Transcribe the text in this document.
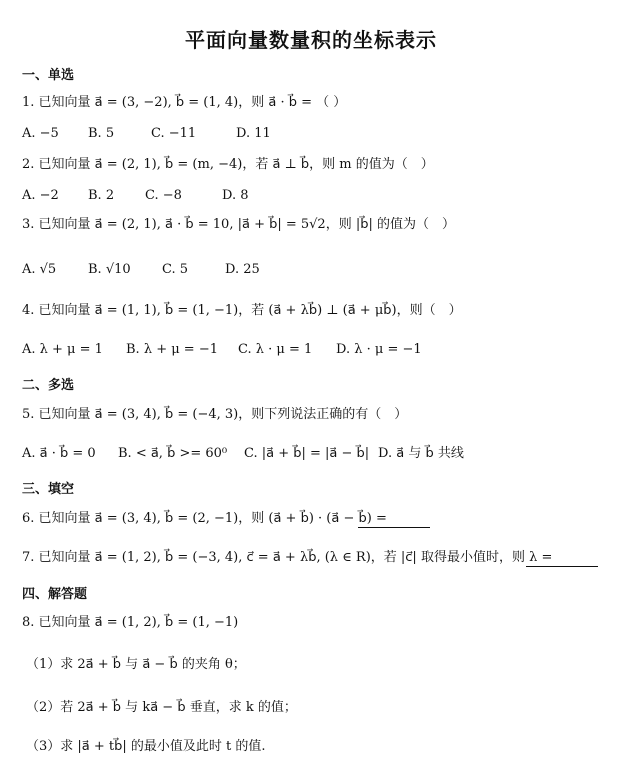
平面向量数量积的坐标表示
一、单选
1. 已知向量 a⃗ = (3, −2), b⃗ = (1, 4)，则 a⃗ · b⃗ = （ ）
A. −5 B. 5	C. −11	D. 11
2. 已知向量 a⃗ = (2, 1), b⃗ = (m, −4)，若 a⃗ ⊥ b⃗，则 m 的值为（　）
A. −2 B. 2 C. −8	D. 8
3. 已知向量 a⃗ = (2, 1), a⃗ · b⃗ = 10, |a⃗ + b⃗| = 5√2，则 |b⃗| 的值为（　）
A. √5 B. √10 C. 5	D. 25
4. 已知向量 a⃗ = (1, 1), b⃗ = (1, −1)，若 (a⃗ + λb⃗) ⊥ (a⃗ + μb⃗)，则（　）
A. λ + μ = 1 B. λ + μ = −1 C. λ · μ = 1 D. λ · μ = −1
二、多选
5. 已知向量 a⃗ = (3, 4), b⃗ = (−4, 3)，则下列说法正确的有（　）
A. a⃗ · b⃗ = 0 B. < a⃗, b⃗ >= 60⁰ C. |a⃗ + b⃗| = |a⃗ − b⃗| D. a⃗ 与 b⃗ 共线
三、填空
6. 已知向量 a⃗ = (3, 4), b⃗ = (2, −1)，则 (a⃗ + b⃗) · (a⃗ − b⃗) =
7. 已知向量 a⃗ = (1, 2), b⃗ = (−3, 4), c⃗ = a⃗ + λb⃗, (λ ∈ R)，若 |c⃗| 取得最小值时，则 λ =
四、解答题
8. 已知向量 a⃗ = (1, 2), b⃗ = (1, −1)
（1）求 2a⃗ + b⃗ 与 a⃗ − b⃗ 的夹角 θ；
（2）若 2a⃗ + b⃗ 与 ka⃗ − b⃗ 垂直，求 k 的值；
（3）求 |a⃗ + tb⃗| 的最小值及此时 t 的值.
